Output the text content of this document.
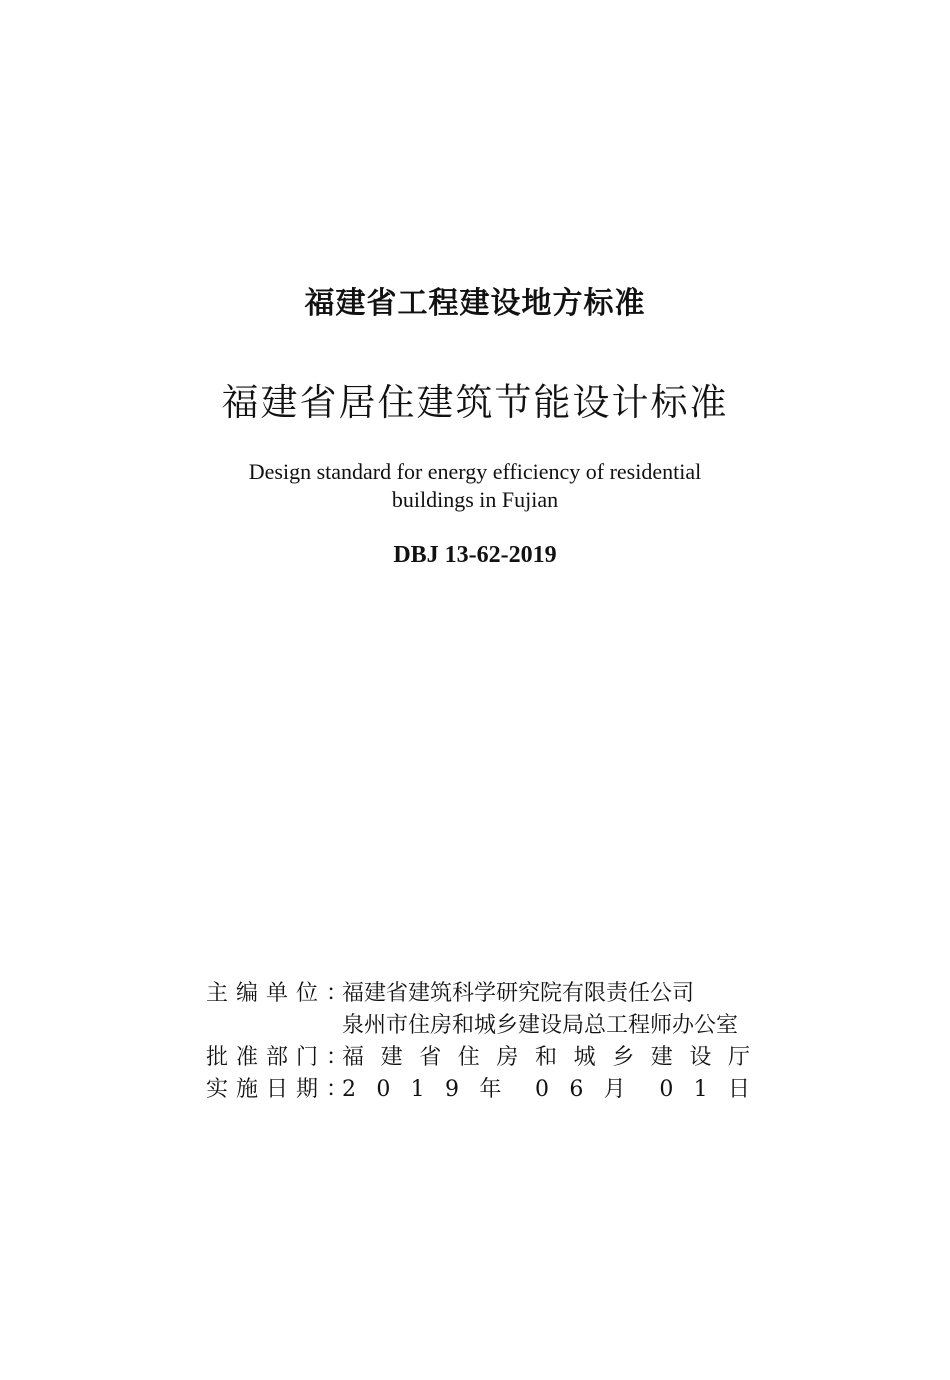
福建省工程建设地方标准
福建省居住建筑节能设计标准
Design standard for energy efficiency of residential
buildings in Fujian
DBJ 13-62-2019
主编单位：
福建省建筑科学研究院有限责任公司
泉州市住房和城乡建设局总工程师办公室
批准部门：
福 建 省 住 房 和 城 乡 建 设 厅
实施日期：
2 0 1 9 年 0 6 月 0 1 日
